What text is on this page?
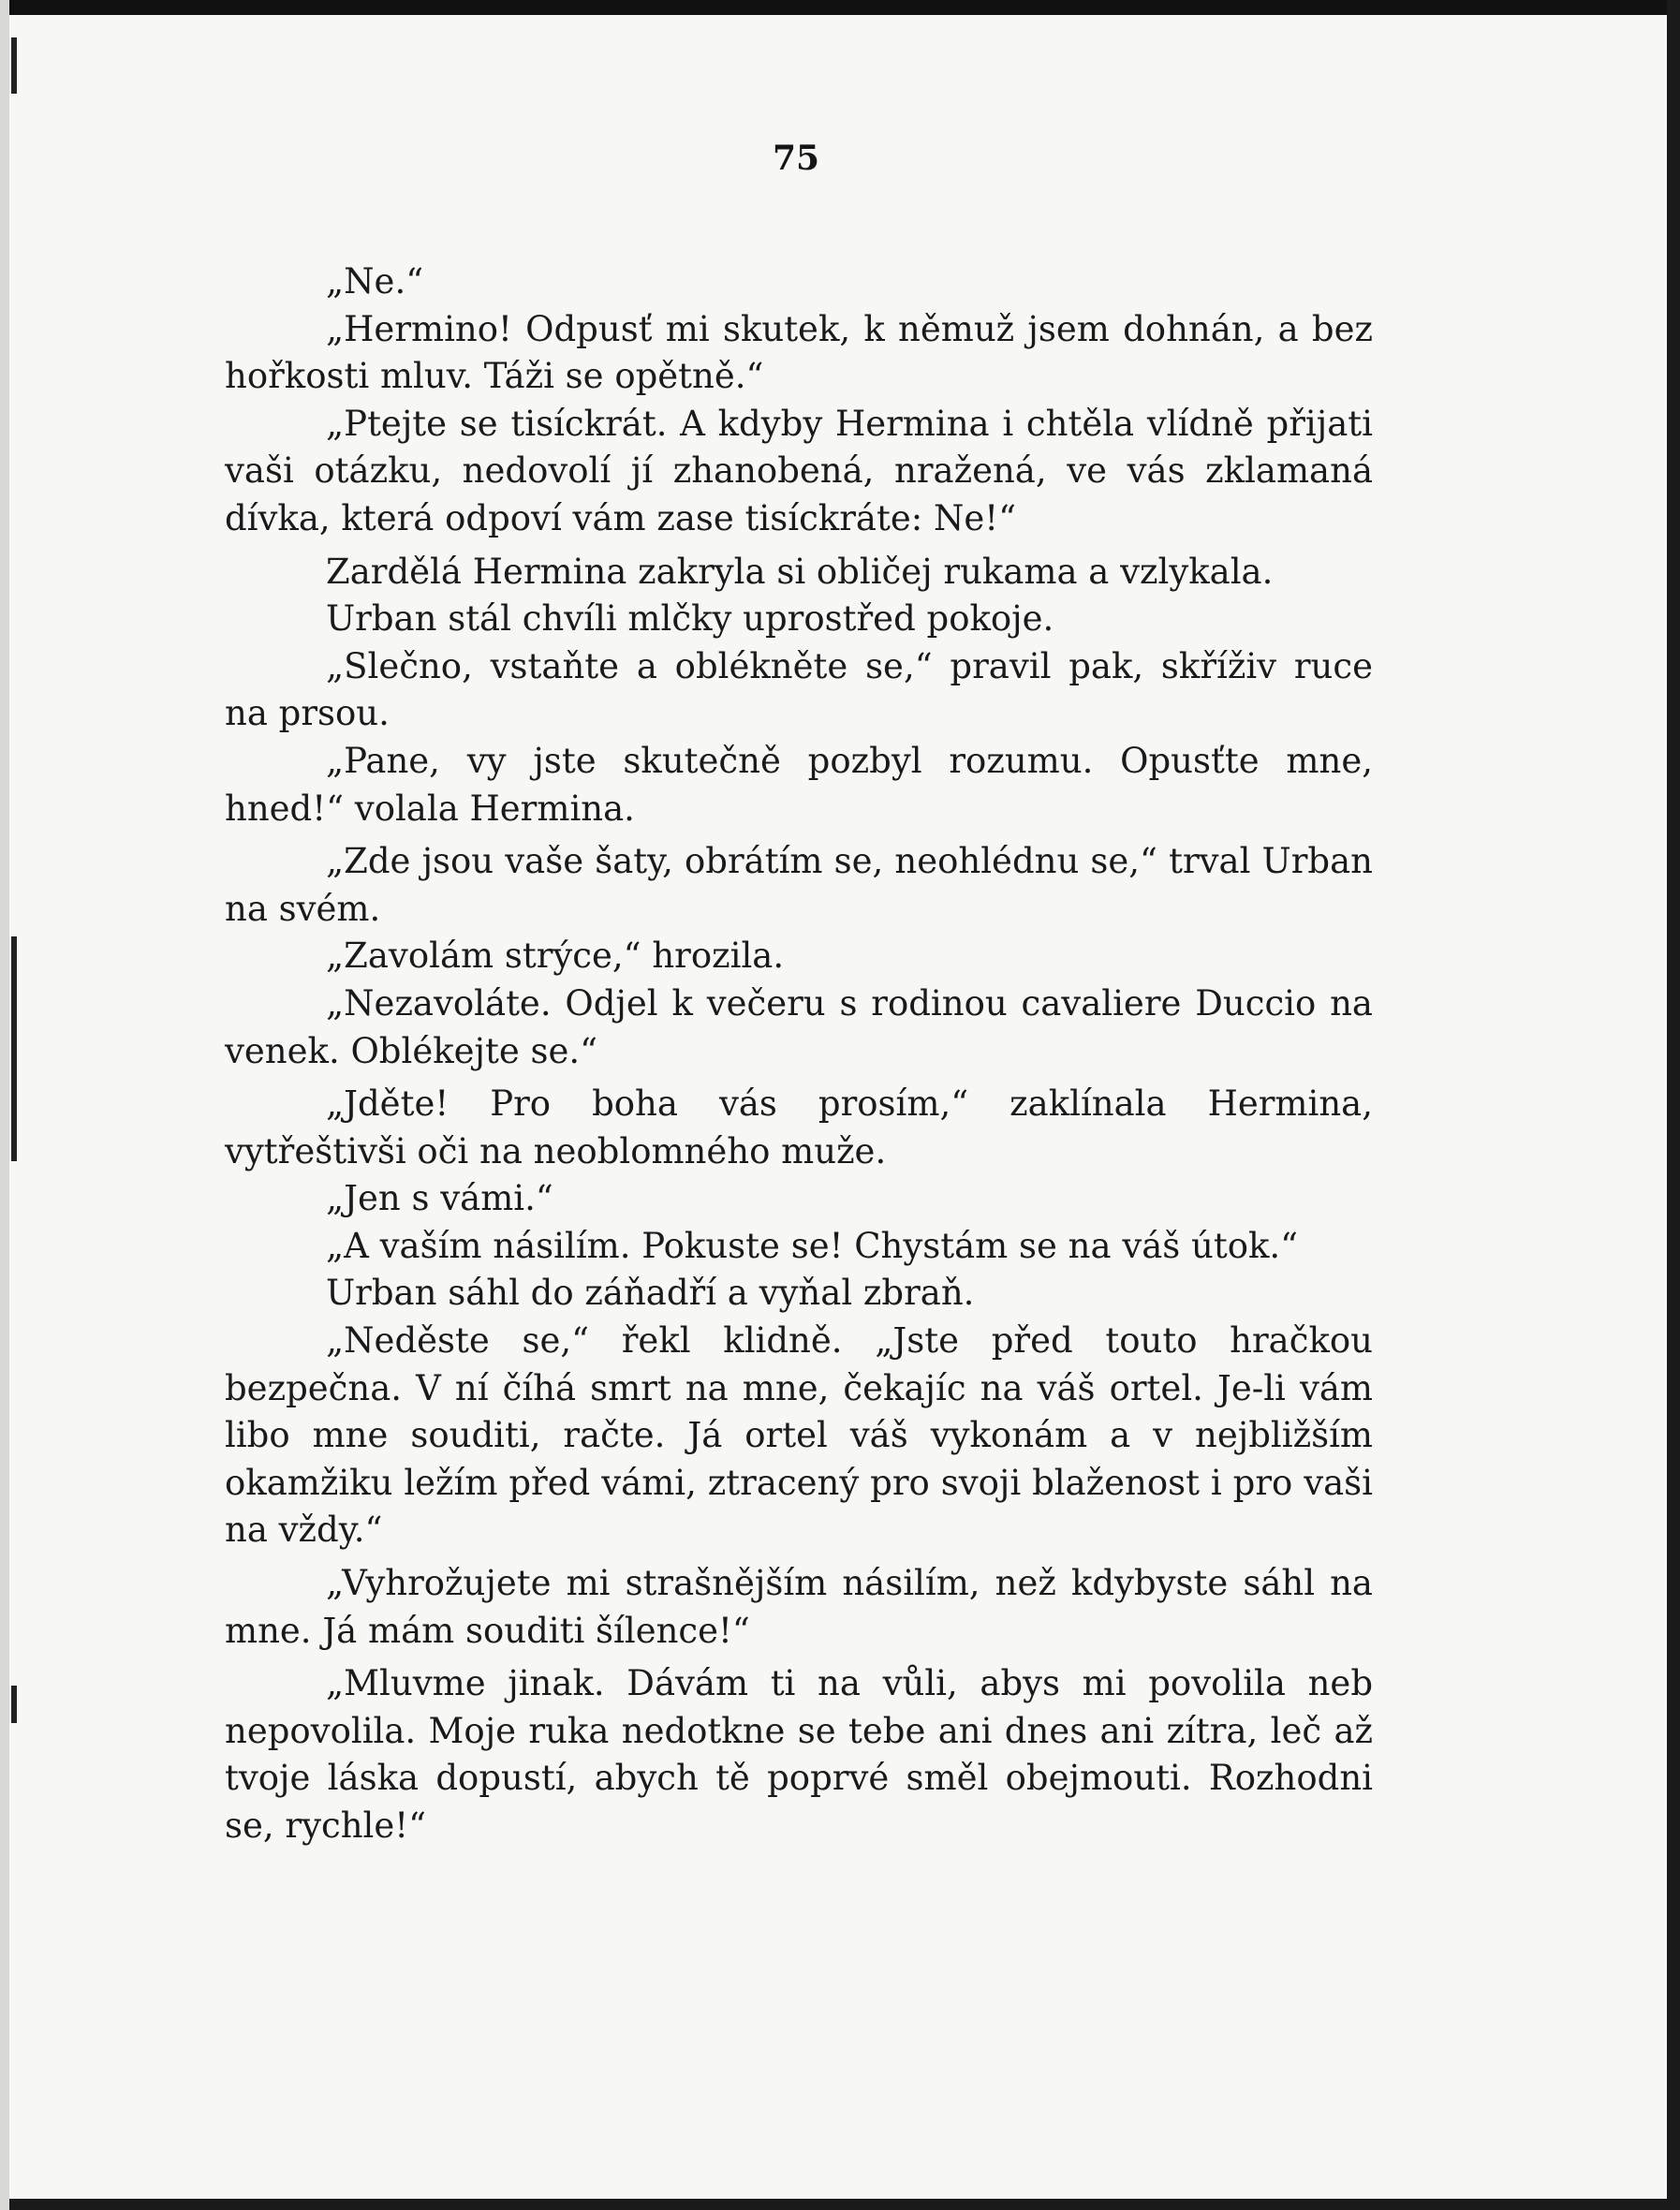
75

„Ne.“

„Hermino! Odpusť mi skutek, k němuž jsem dohnán, a bez hořkosti mluv. Táži se opětně.“

„Ptejte se tisíckrát. A kdyby Hermina i chtěla vlídně přijati vaši otázku, nedovolí jí zhanobená, nražená, ve vás zklamaná dívka, která odpoví vám zase tisíckráte: Ne!“

Zardělá Hermina zakryla si obličej rukama a vzlykala.

Urban stál chvíli mlčky uprostřed pokoje.

„Slečno, vstaňte a oblékněte se,“ pravil pak, skříživ ruce na prsou.

„Pane, vy jste skutečně pozbyl rozumu. Opusťte mne, hned!“ volala Hermina.

„Zde jsou vaše šaty, obrátím se, neohlédnu se,“ trval Urban na svém.

„Zavolám strýce,“ hrozila.

„Nezavoláte. Odjel k večeru s rodinou cavaliere Duccio na venek. Oblékejte se.“

„Jděte! Pro boha vás prosím,“ zaklínala Hermina, vytřeštivši oči na neoblomného muže.

„Jen s vámi.“

„A vaším násilím. Pokuste se! Chystám se na váš útok.“

Urban sáhl do záňadří a vyňal zbraň.

„Neděste se,“ řekl klidně. „Jste před touto hračkou bezpečna. V ní číhá smrt na mne, čekajíc na váš ortel. Je-li vám libo mne souditi, račte. Já ortel váš vykonám a v nejbližším okamžiku ležím před vámi, ztracený pro svoji blaženost i pro vaši na vždy.“

„Vyhrožujete mi strašnějším násilím, než kdybyste sáhl na mne. Já mám souditi šílence!“

„Mluvme jinak. Dávám ti na vůli, abys mi povolila neb nepovolila. Moje ruka nedotkne se tebe ani dnes ani zítra, leč až tvoje láska dopustí, abych tě poprvé směl obejmouti. Rozhodni se, rychle!“
